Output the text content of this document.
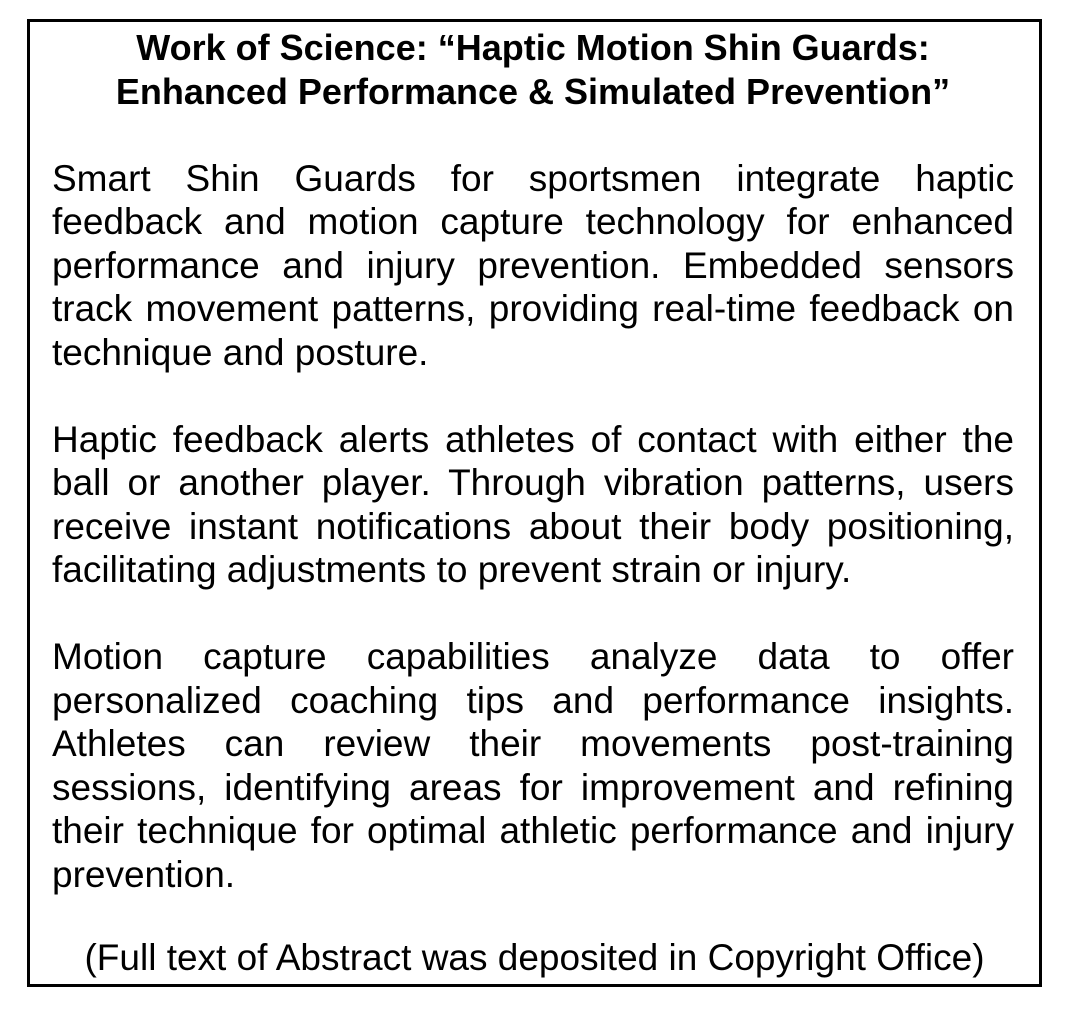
Work of Science: “Haptic Motion Shin Guards:
Enhanced Performance & Simulated Prevention”

Smart Shin Guards for sportsmen integrate haptic feedback and motion capture technology for enhanced performance and injury prevention. Embedded sensors track movement patterns, providing real-time feedback on technique and posture.

Haptic feedback alerts athletes of contact with either the ball or another player. Through vibration patterns, users receive instant notifications about their body positioning, facilitating adjustments to prevent strain or injury.

Motion capture capabilities analyze data to offer personalized coaching tips and performance insights. Athletes can review their movements post-training sessions, identifying areas for improvement and refining their technique for optimal athletic performance and injury prevention.

(Full text of Abstract was deposited in Copyright Office)
